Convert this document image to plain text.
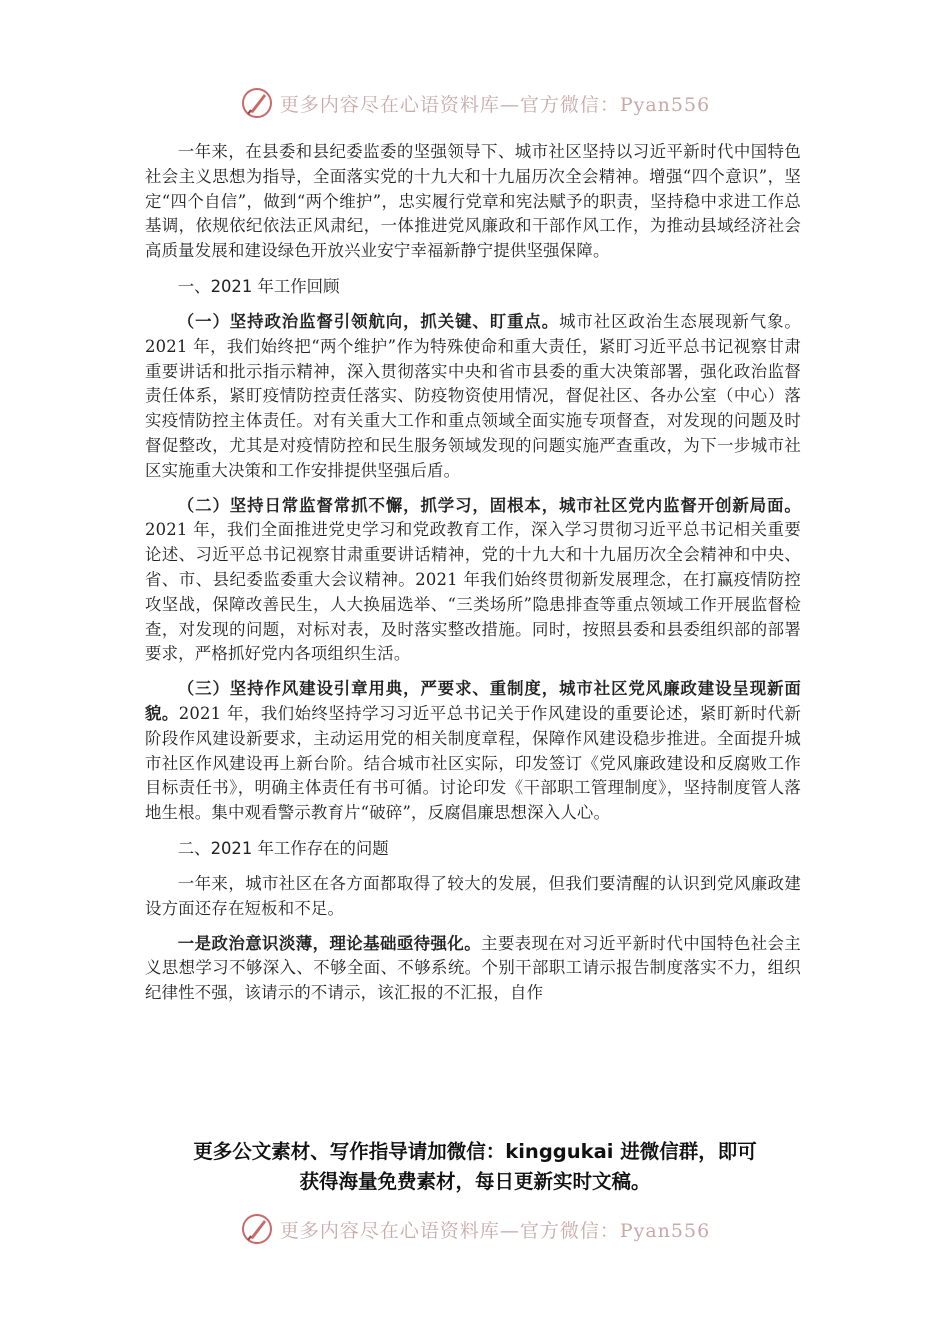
更多内容尽在心语资料库—官方微信：Pyan556

一年来，在县委和县纪委监委的坚强领导下、城市社区坚持以习近平新时代中国特色社会主义思想为指导，全面落实党的十九大和十九届历次全会精神。增强“四个意识”，坚定“四个自信”，做到“两个维护”，忠实履行党章和宪法赋予的职责，坚持稳中求进工作总基调，依规依纪依法正风肃纪，一体推进党风廉政和干部作风工作，为推动县域经济社会高质量发展和建设绿色开放兴业安宁幸福新静宁提供坚强保障。

一、2021 年工作回顾

（一）坚持政治监督引领航向，抓关键、盯重点。城市社区政治生态展现新气象。2021 年，我们始终把“两个维护”作为特殊使命和重大责任，紧盯习近平总书记视察甘肃重要讲话和批示指示精神，深入贯彻落实中央和省市县委的重大决策部署，强化政治监督责任体系，紧盯疫情防控责任落实、防疫物资使用情况，督促社区、各办公室（中心）落实疫情防控主体责任。对有关重大工作和重点领域全面实施专项督查，对发现的问题及时督促整改，尤其是对疫情防控和民生服务领域发现的问题实施严查重改，为下一步城市社区实施重大决策和工作安排提供坚强后盾。

（二）坚持日常监督常抓不懈，抓学习，固根本，城市社区党内监督开创新局面。2021 年，我们全面推进党史学习和党政教育工作，深入学习贯彻习近平总书记相关重要论述、习近平总书记视察甘肃重要讲话精神，党的十九大和十九届历次全会精神和中央、省、市、县纪委监委重大会议精神。2021 年我们始终贯彻新发展理念，在打赢疫情防控攻坚战，保障改善民生，人大换届选举、“三类场所”隐患排查等重点领域工作开展监督检查，对发现的问题，对标对表，及时落实整改措施。同时，按照县委和县委组织部的部署要求，严格抓好党内各项组织生活。

（三）坚持作风建设引章用典，严要求、重制度，城市社区党风廉政建设呈现新面貌。2021 年，我们始终坚持学习习近平总书记关于作风建设的重要论述，紧盯新时代新阶段作风建设新要求，主动运用党的相关制度章程，保障作风建设稳步推进。全面提升城市社区作风建设再上新台阶。结合城市社区实际，印发签订《党风廉政建设和反腐败工作目标责任书》，明确主体责任有书可循。讨论印发《干部职工管理制度》，坚持制度管人落地生根。集中观看警示教育片“破碎”，反腐倡廉思想深入人心。

二、2021 年工作存在的问题

一年来，城市社区在各方面都取得了较大的发展，但我们要清醒的认识到党风廉政建设方面还存在短板和不足。

一是政治意识淡薄，理论基础亟待强化。主要表现在对习近平新时代中国特色社会主义思想学习不够深入、不够全面、不够系统。个别干部职工请示报告制度落实不力，组织纪律性不强，该请示的不请示，该汇报的不汇报，自作

更多公文素材、写作指导请加微信：kinggukai 进微信群，即可
获得海量免费素材，每日更新实时文稿。
更多内容尽在心语资料库—官方微信：Pyan556
